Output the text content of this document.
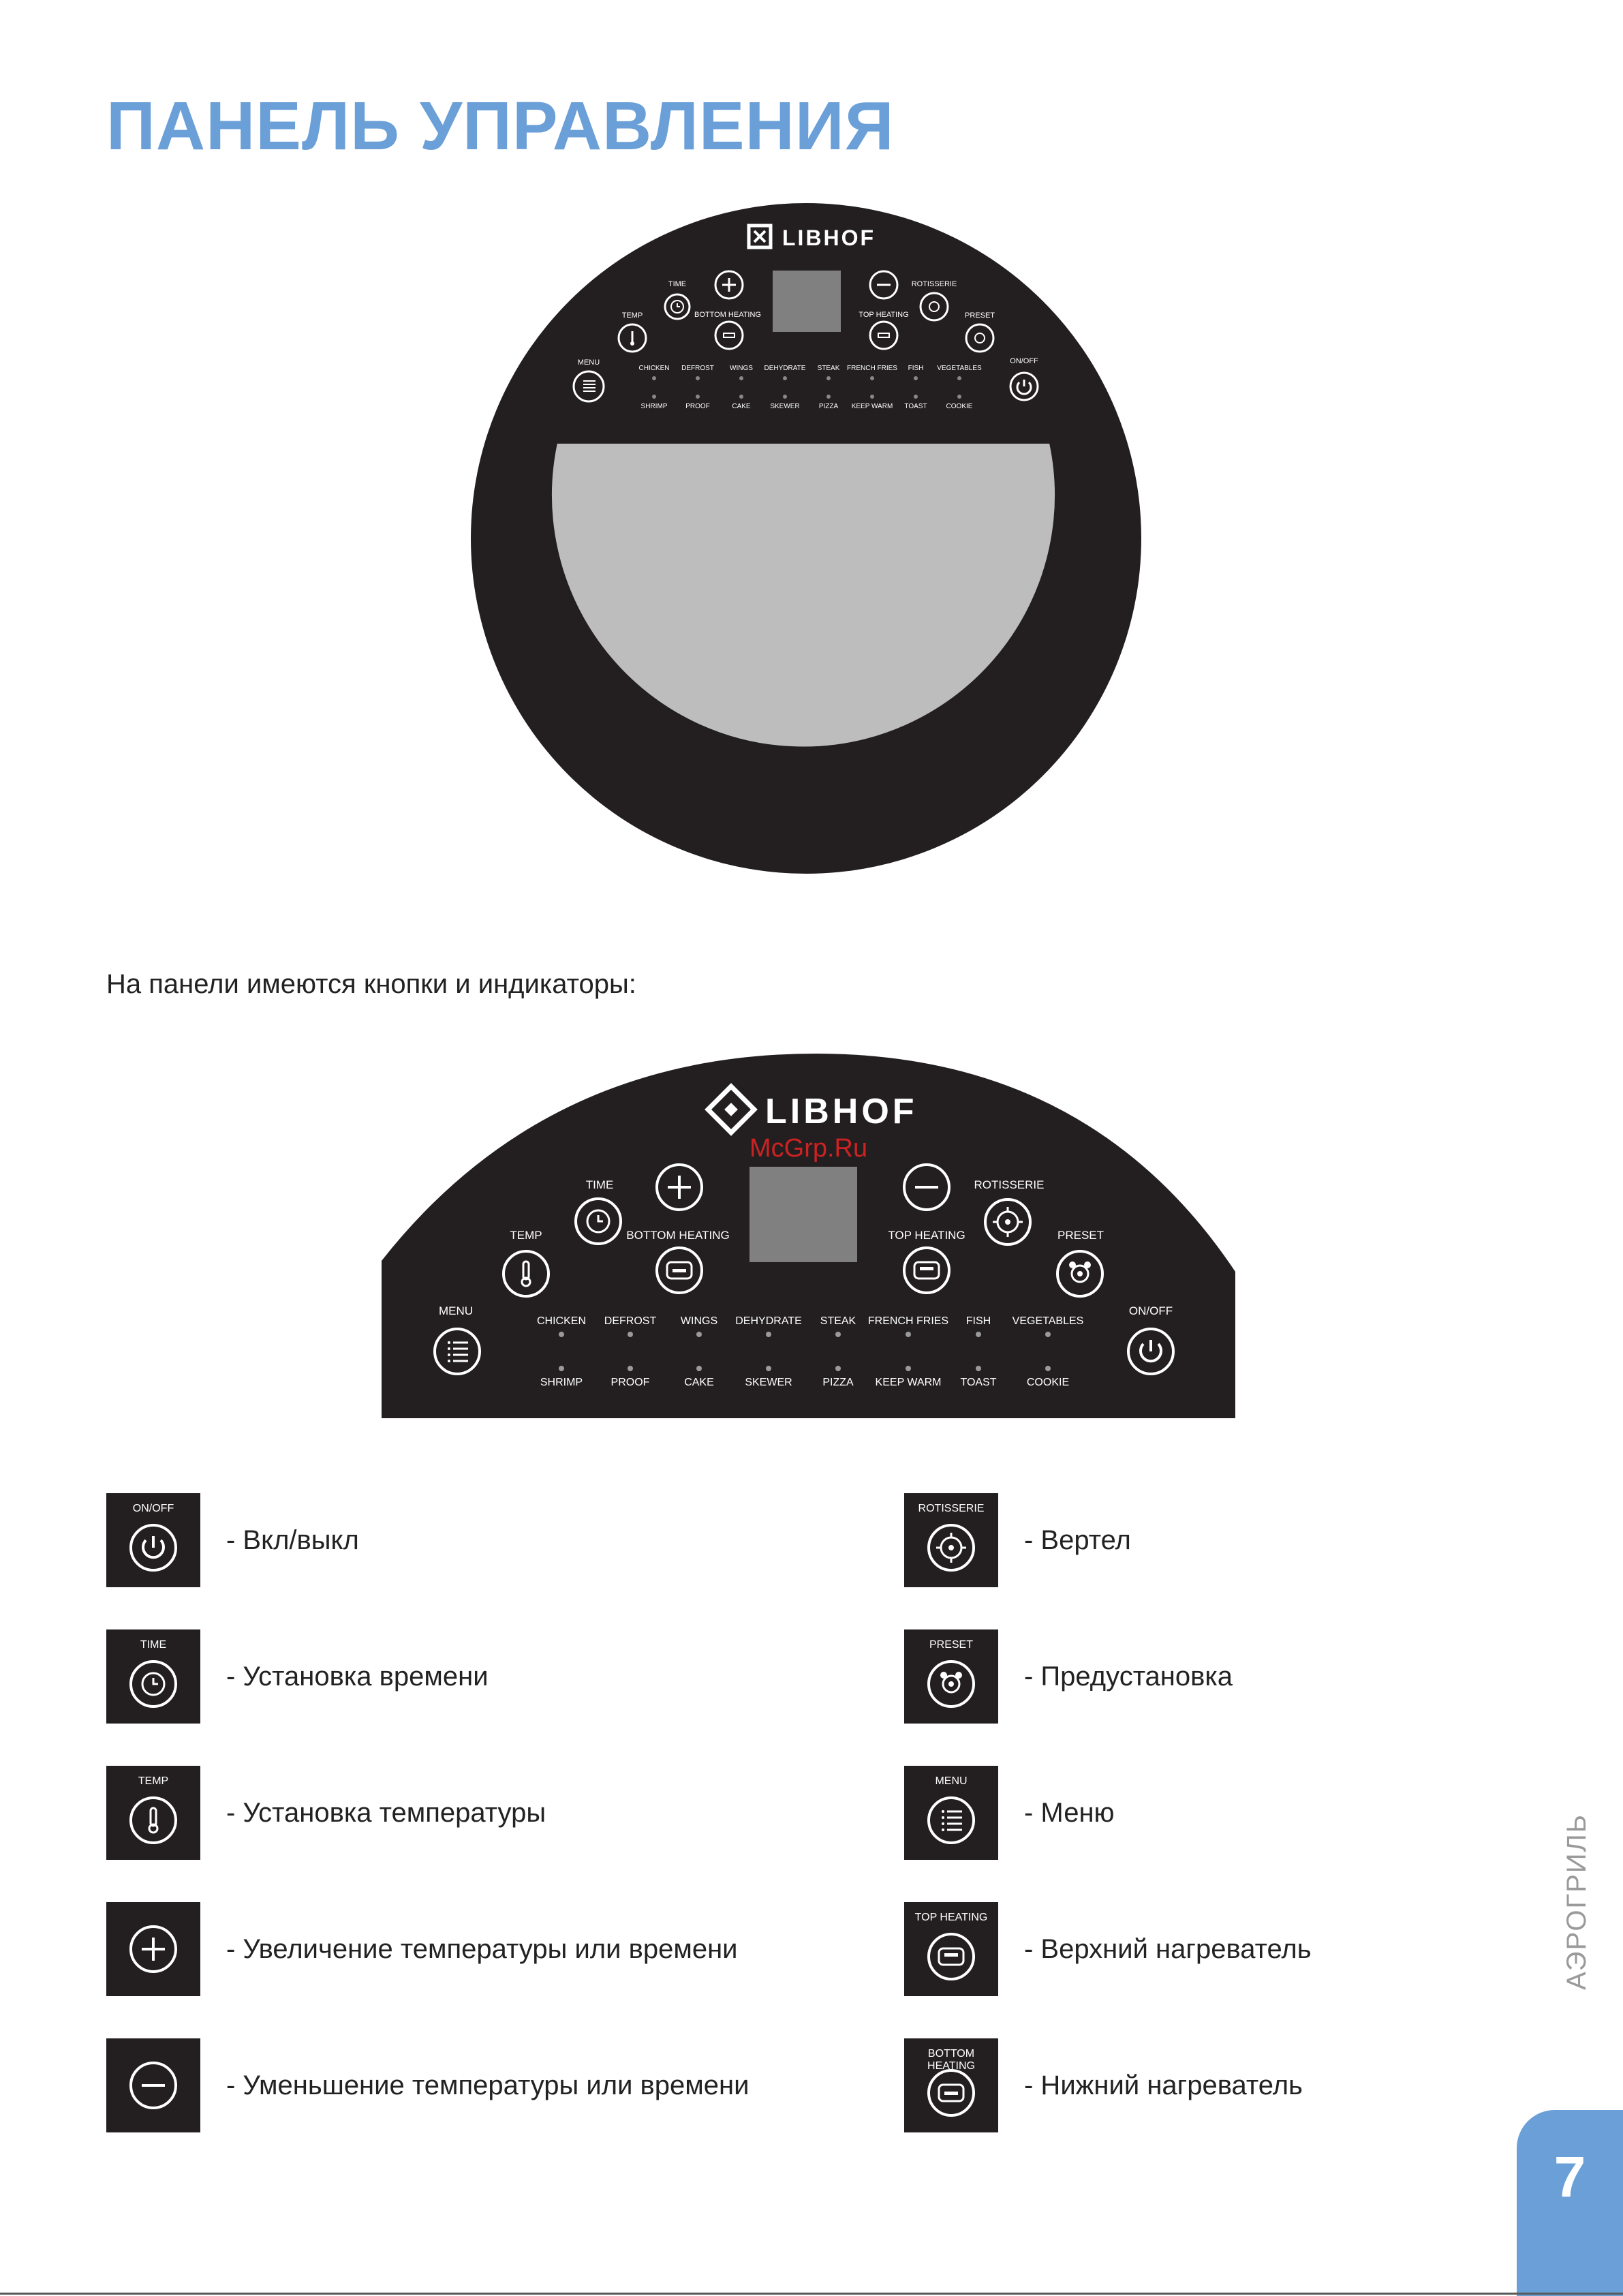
ПАНЕЛЬ УПРАВЛЕНИЯ
LIBHOF
TIME	ROTISSERIE
BOTTOM HEATING	TOP HEATING
TEMP	PRESET
MENU	ON/OFF
CHICKEN DEFROST WINGS DEHYDRATE STEAK FRENCH FRIES FISH VEGETABLES
SHRIMP	PROOF	CAKE	SKEWER	PIZZA KEEP WARM TOAST	COOKIE
На панели имеются кнопки и индикаторы:
LIBHOF
McGrp.Ru
TIME	ROTISSERIE
BOTTOM HEATING	TOP HEATING
TEMP	PRESET
MENU	ON/OFF
CHICKEN DEFROST WINGS DEHYDRATE STEAK FRENCH FRIES FISH VEGETABLES
SHRIMP	PROOF	CAKE	SKEWER	PIZZA KEEP WARM TOAST	COOKIE
ON/OFF
- Вкл/выкл
TIME
- Установка времени
TEMP
- Установка температуры
- Увеличение температуры или времени
- Уменьшение температуры или времени
ROTISSERIE
- Вертел
PRESET
- Предустановка
MENU
- Меню
TOP HEATING
- Верхний нагреватель
BOTTOM HEATING
- Нижний нагреватель
АЭРОГРИЛЬ
7
